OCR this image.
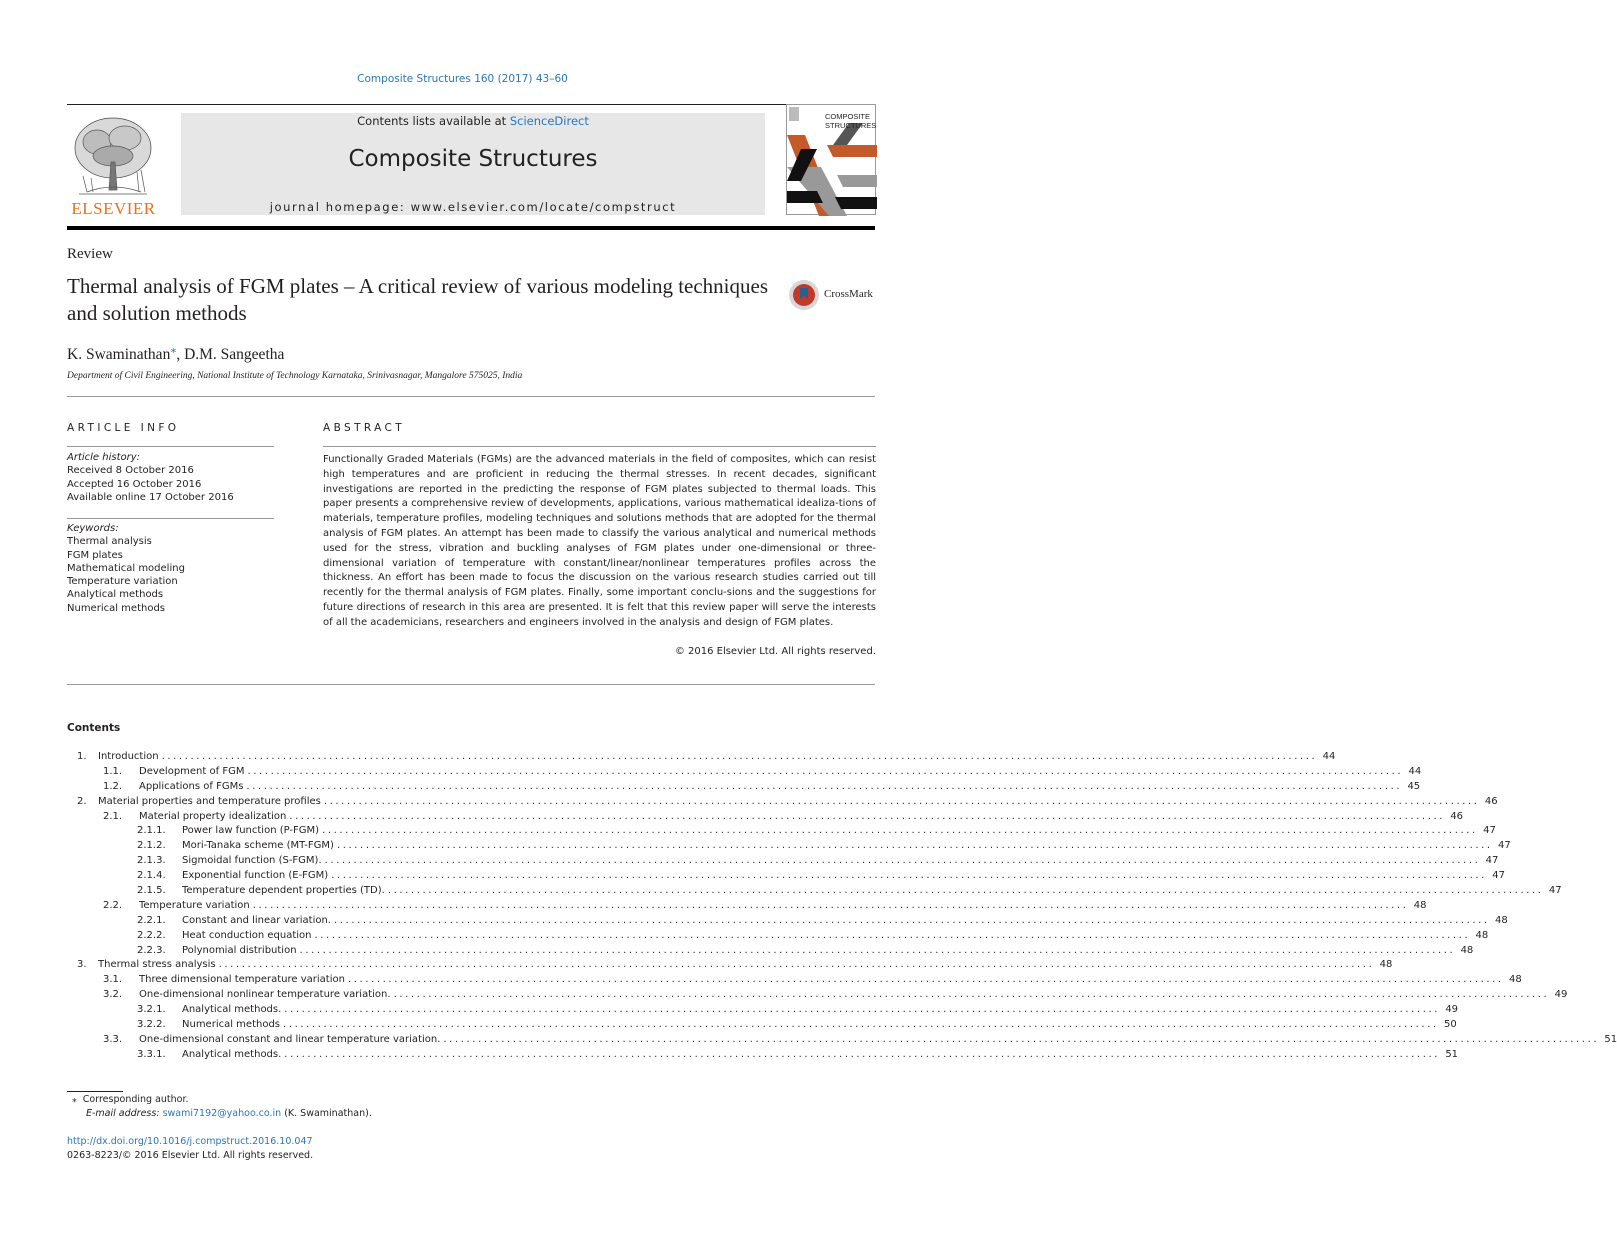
Composite Structures 160 (2017) 43–60
ELSEVIER
Contents lists available at ScienceDirect
Composite Structures
journal homepage: www.elsevier.com/locate/compstruct
COMPOSITE
STRUCTURES
Review
Thermal analysis of FGM plates – A critical review of various modeling techniques and solution methods
CrossMark
K. Swaminathan⁎, D.M. Sangeetha
Department of Civil Engineering, National Institute of Technology Karnataka, Srinivasnagar, Mangalore 575025, India
ARTICLE INFO
Article history:
Received 8 October 2016
Accepted 16 October 2016
Available online 17 October 2016
Keywords:
Thermal analysis
FGM plates
Mathematical modeling
Temperature variation
Analytical methods
Numerical methods
ABSTRACT
Functionally Graded Materials (FGMs) are the advanced materials in the field of composites, which can resist high temperatures and are proficient in reducing the thermal stresses. In recent decades, significant investigations are reported in the predicting the response of FGM plates subjected to thermal loads. This paper presents a comprehensive review of developments, applications, various mathematical idealiza-tions of materials, temperature profiles, modeling techniques and solutions methods that are adopted for the thermal analysis of FGM plates. An attempt has been made to classify the various analytical and numerical methods used for the stress, vibration and buckling analyses of FGM plates under one-dimensional or three-dimensional variation of temperature with constant/linear/nonlinear temperatures profiles across the thickness. An effort has been made to focus the discussion on the various research studies carried out till recently for the thermal analysis of FGM plates. Finally, some important conclu-sions and the suggestions for future directions of research in this area are presented. It is felt that this review paper will serve the interests of all the academicians, researchers and engineers involved in the analysis and design of FGM plates.
© 2016 Elsevier Ltd. All rights reserved.
Contents
1.	Introduction ........................................................................................................................................................................................................ 44
1.1.	Development of FGM ........................................................................................................................................................................................................ 44
1.2.	Applications of FGMs ........................................................................................................................................................................................................ 45
2.	Material properties and temperature profiles ........................................................................................................................................................................................................ 46
2.1.	Material property idealization ........................................................................................................................................................................................................ 46
2.1.1.	Power law function (P-FGM) ........................................................................................................................................................................................................ 47
2.1.2.	Mori-Tanaka scheme (MT-FGM) ........................................................................................................................................................................................................ 47
2.1.3.	Sigmoidal function (S-FGM). ........................................................................................................................................................................................................ 47
2.1.4.	Exponential function (E-FGM) ........................................................................................................................................................................................................ 47
2.1.5.	Temperature dependent properties (TD). ........................................................................................................................................................................................................ 47
2.2.	Temperature variation ........................................................................................................................................................................................................ 48
2.2.1.	Constant and linear variation. ........................................................................................................................................................................................................ 48
2.2.2.	Heat conduction equation ........................................................................................................................................................................................................ 48
2.2.3.	Polynomial distribution ........................................................................................................................................................................................................ 48
3.	Thermal stress analysis ........................................................................................................................................................................................................ 48
3.1.	Three dimensional temperature variation ........................................................................................................................................................................................................ 48
3.2.	One-dimensional nonlinear temperature variation. ........................................................................................................................................................................................................ 49
3.2.1.	Analytical methods. ........................................................................................................................................................................................................ 49
3.2.2.	Numerical methods ........................................................................................................................................................................................................ 50
3.3.	One-dimensional constant and linear temperature variation. ........................................................................................................................................................................................................ 51
3.3.1.	Analytical methods. ........................................................................................................................................................................................................ 51
⁎ Corresponding author.
E-mail address: swami7192@yahoo.co.in (K. Swaminathan).
http://dx.doi.org/10.1016/j.compstruct.2016.10.047
0263-8223/© 2016 Elsevier Ltd. All rights reserved.
